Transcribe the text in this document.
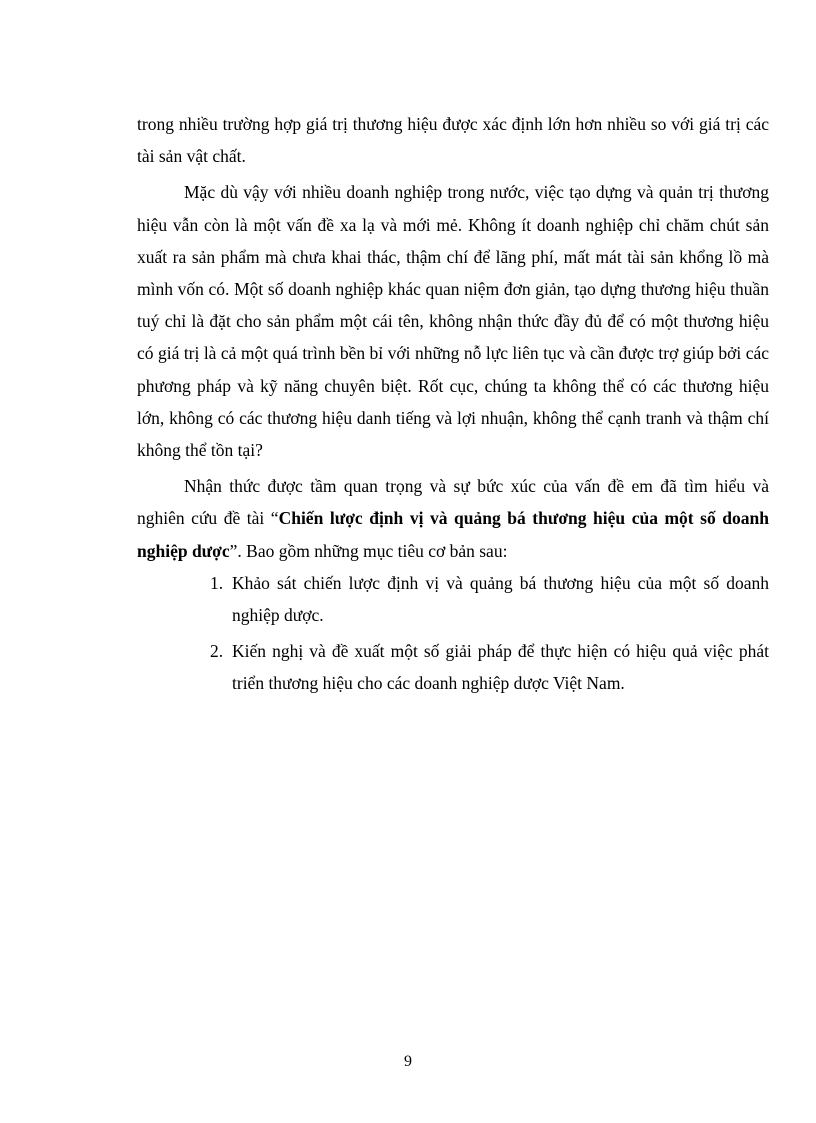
trong nhiều trường hợp giá trị thương hiệu được xác định lớn hơn nhiều so với giá trị các tài sản vật chất.

Mặc dù vậy với nhiều doanh nghiệp trong nước, việc tạo dựng và quản trị thương hiệu vẫn còn là một vấn đề xa lạ và mới mẻ. Không ít doanh nghiệp chỉ chăm chút sản xuất ra sản phẩm mà chưa khai thác, thậm chí để lãng phí, mất mát tài sản khổng lồ mà mình vốn có. Một số doanh nghiệp khác quan niệm đơn giản, tạo dựng thương hiệu thuần tuý chỉ là đặt cho sản phẩm một cái tên, không nhận thức đầy đủ để có một thương hiệu có giá trị là cả một quá trình bền bỉ với những nỗ lực liên tục và cần được trợ giúp bởi các phương pháp và kỹ năng chuyên biệt. Rốt cục, chúng ta không thể có các thương hiệu lớn, không có các thương hiệu danh tiếng và lợi nhuận, không thể cạnh tranh và thậm chí không thể tồn tại?

Nhận thức được tầm quan trọng và sự bức xúc của vấn đề em đã tìm hiểu và nghiên cứu đề tài “Chiến lược định vị và quảng bá thương hiệu của một số doanh nghiệp dược”. Bao gồm những mục tiêu cơ bản sau:

1. Khảo sát chiến lược định vị và quảng bá thương hiệu của một số doanh nghiệp dược.
2. Kiến nghị và đề xuất một số giải pháp để thực hiện có hiệu quả việc phát triển thương hiệu cho các doanh nghiệp dược Việt Nam.
9
